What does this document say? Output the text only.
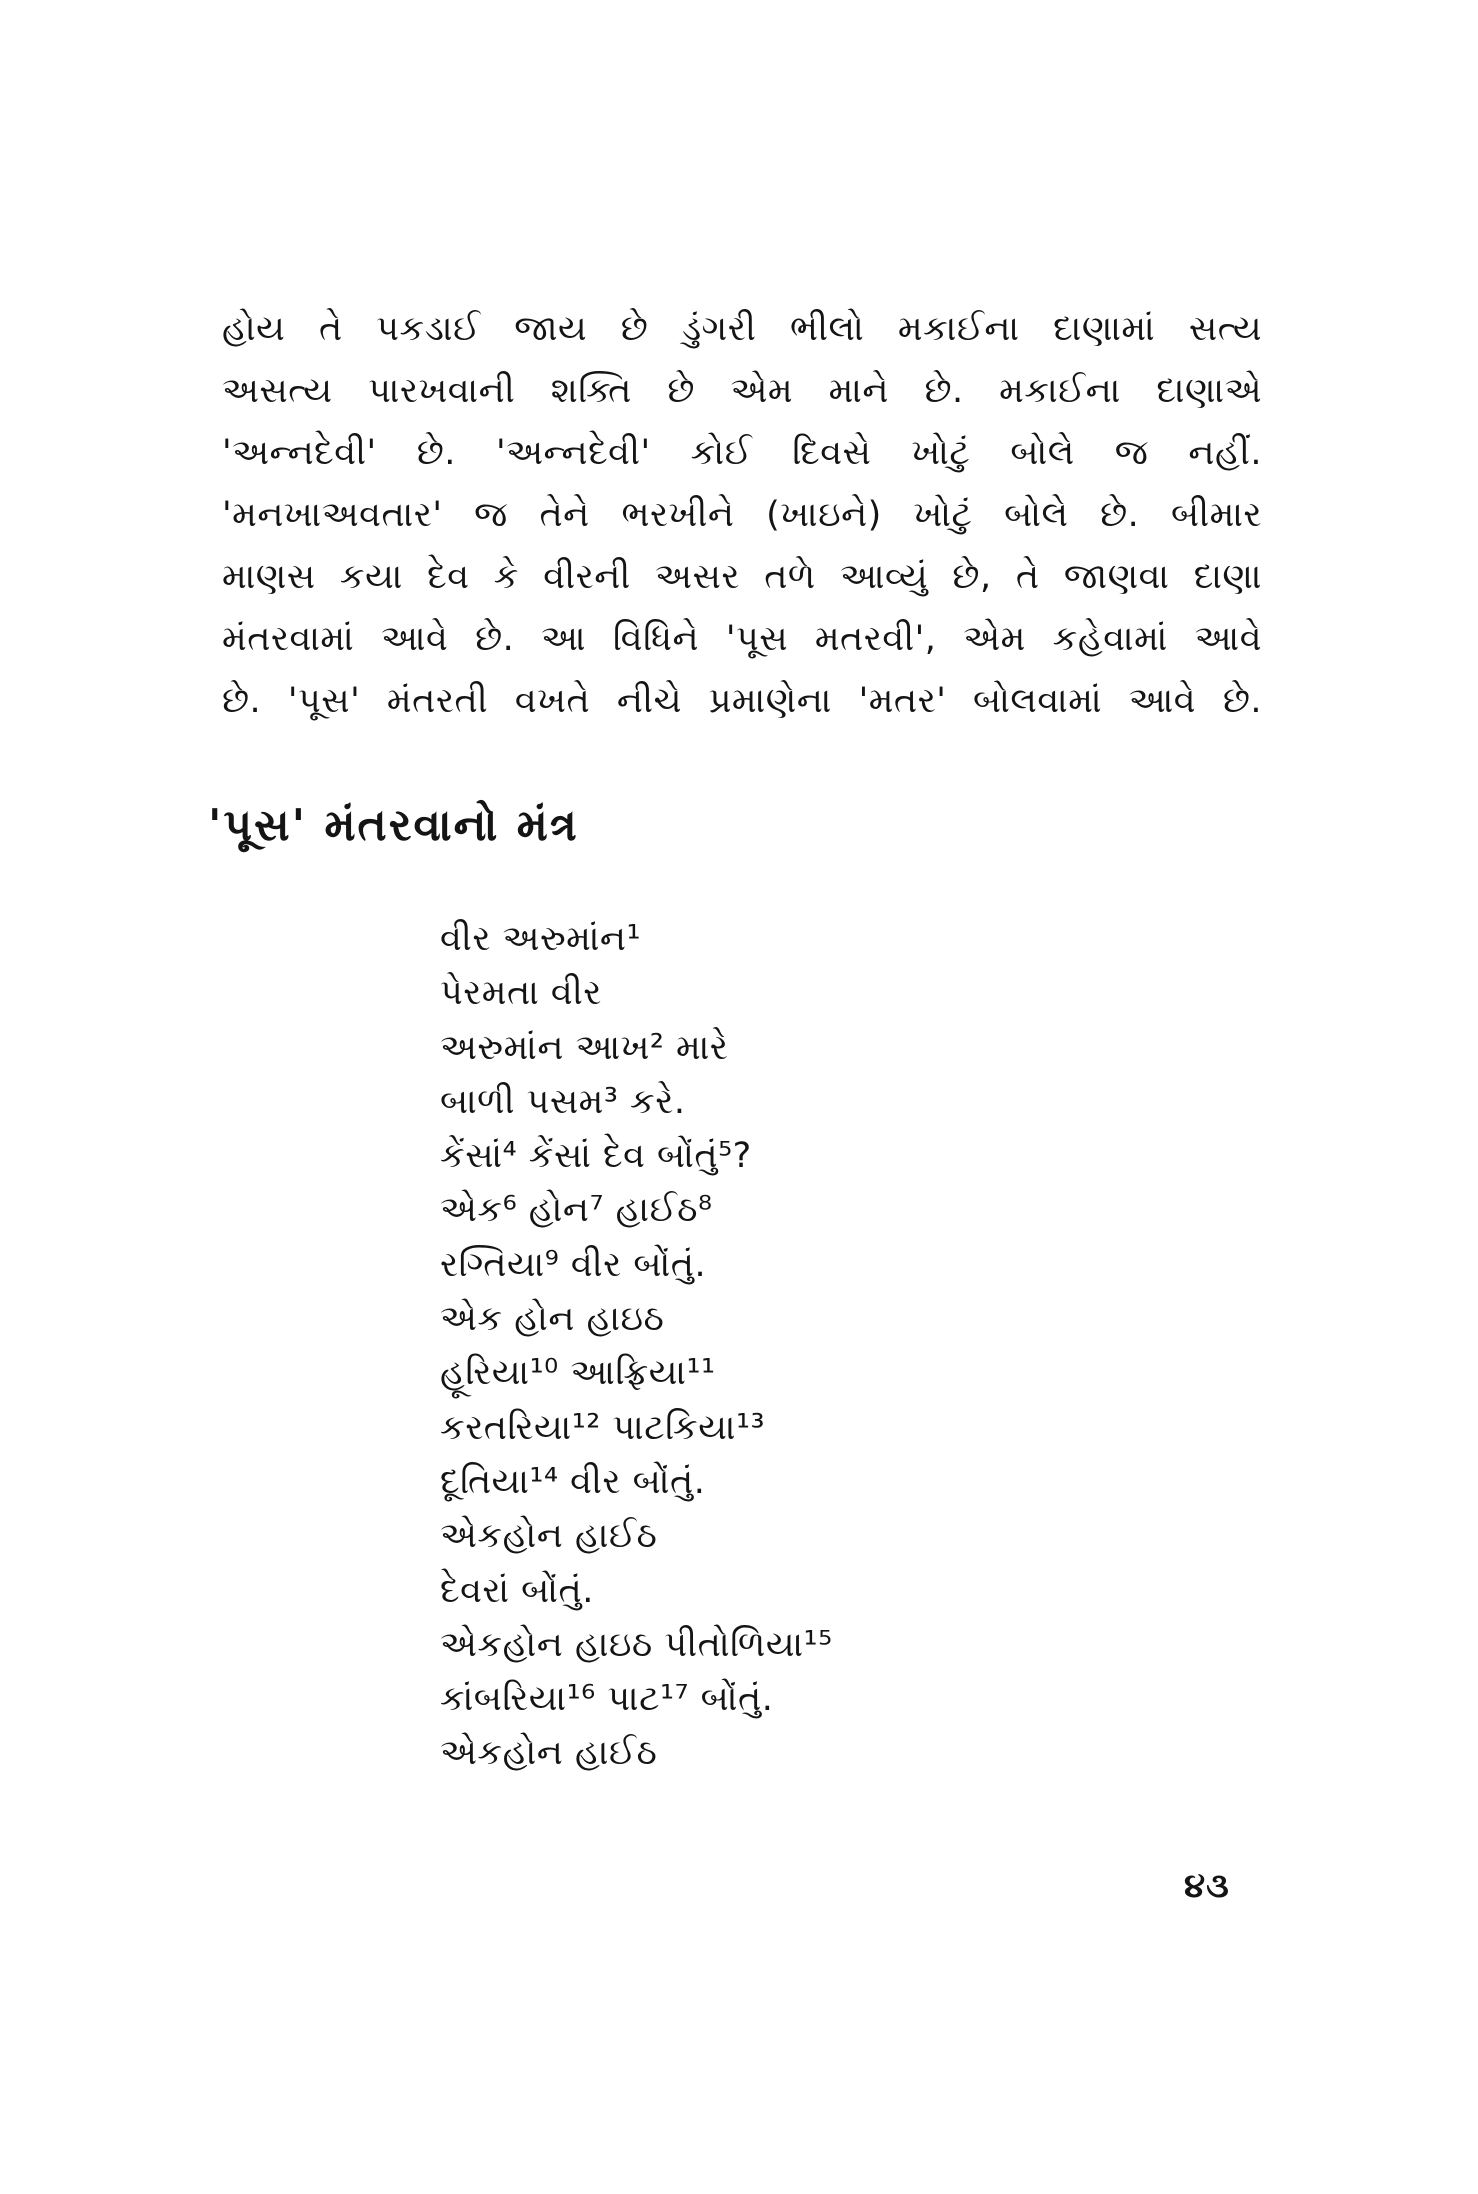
હોય તે પકડાઈ જાય છે ડુંગરી ભીલો મકાઈના દાણામાં સત્ય
અસત્ય પારખવાની શક્તિ છે એમ માને છે. મકાઈના દાણાએ
'અન્નદેવી' છે. 'અન્નદેવી' કોઈ દિવસે ખોટું બોલે જ નહીં.
'મનખાઅવતાર' જ તેને ભરખીને (ખાઇને) ખોટું બોલે છે. બીમાર
માણસ કયા દેવ કે વીરની અસર તળે આવ્યું છે, તે જાણવા દાણા
મંતરવામાં આવે છે. આ વિધિને 'પૂસ મતરવી', એમ કહેવામાં આવે
છે. 'પૂસ' મંતરતી વખતે નીચે પ્રમાણેના 'મતર' બોલવામાં આવે છે.

'પૂસ' મંતરવાનો મંત્ર
વીર અરુમાંન¹
પેરમતા વીર
અરુમાંન આખ² મારે
બાળી પસમ³ કરે.
કેંસાં⁴ કેંસાં દેવ બોંતું⁵?
એક⁶ હોન⁷ હાઈઠ⁸
રગ્તિયા⁹ વીર બોંતું.
એક હોન હાઇઠ
હૂરિયા¹⁰ આફ્રિયા¹¹
કરતરિયા¹² પાટકિયા¹³
દૂતિયા¹⁴ વીર બોંતું.
એકહોન હાઈઠ
દેવરાં બોંતું.
એકહોન હાઇઠ પીતોળિયા¹⁵
કાંબરિયા¹⁶ પાટ¹⁷ બોંતું.
એકહોન હાઈઠ
૪૩
